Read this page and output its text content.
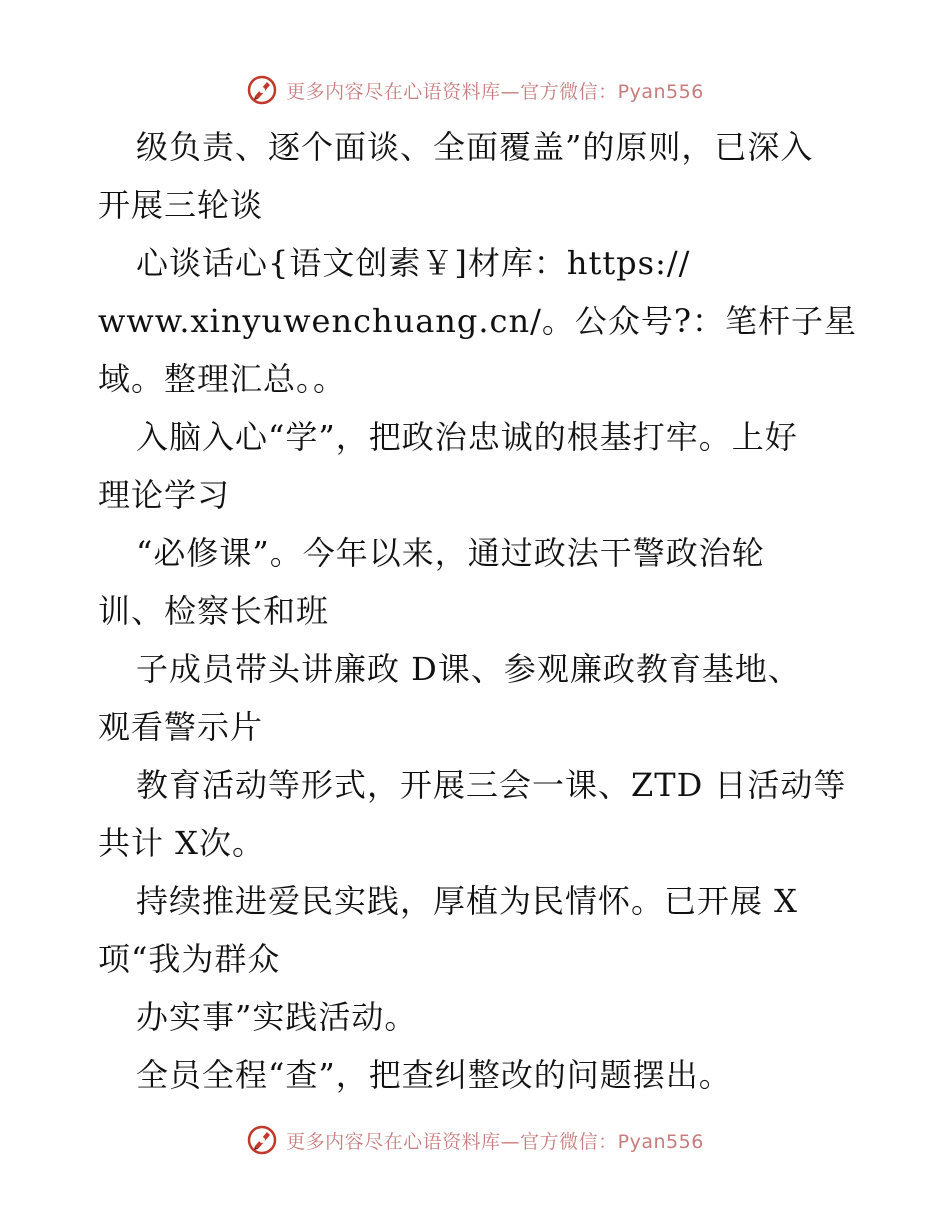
更多内容尽在心语资料库—官方微信：Pyan556
级负责、逐个面谈、全面覆盖”的原则，已深入
开展三轮谈
心谈话心{语文创素￥]材库：https://
www.xinyuwenchuang.cn/。公众号?：笔杆子星
域。整理汇总。。
入脑入心“学”，把政治忠诚的根基打牢。上好
理论学习
“必修课”。今年以来，通过政法干警政治轮
训、检察长和班
子成员带头讲廉政 D课、参观廉政教育基地、
观看警示片
教育活动等形式，开展三会一课、ZTD 日活动等
共计 X次。
持续推进爱民实践，厚植为民情怀。已开展 X
项“我为群众
办实事”实践活动。
全员全程“查”，把查纠整改的问题摆出。
更多内容尽在心语资料库—官方微信：Pyan556
